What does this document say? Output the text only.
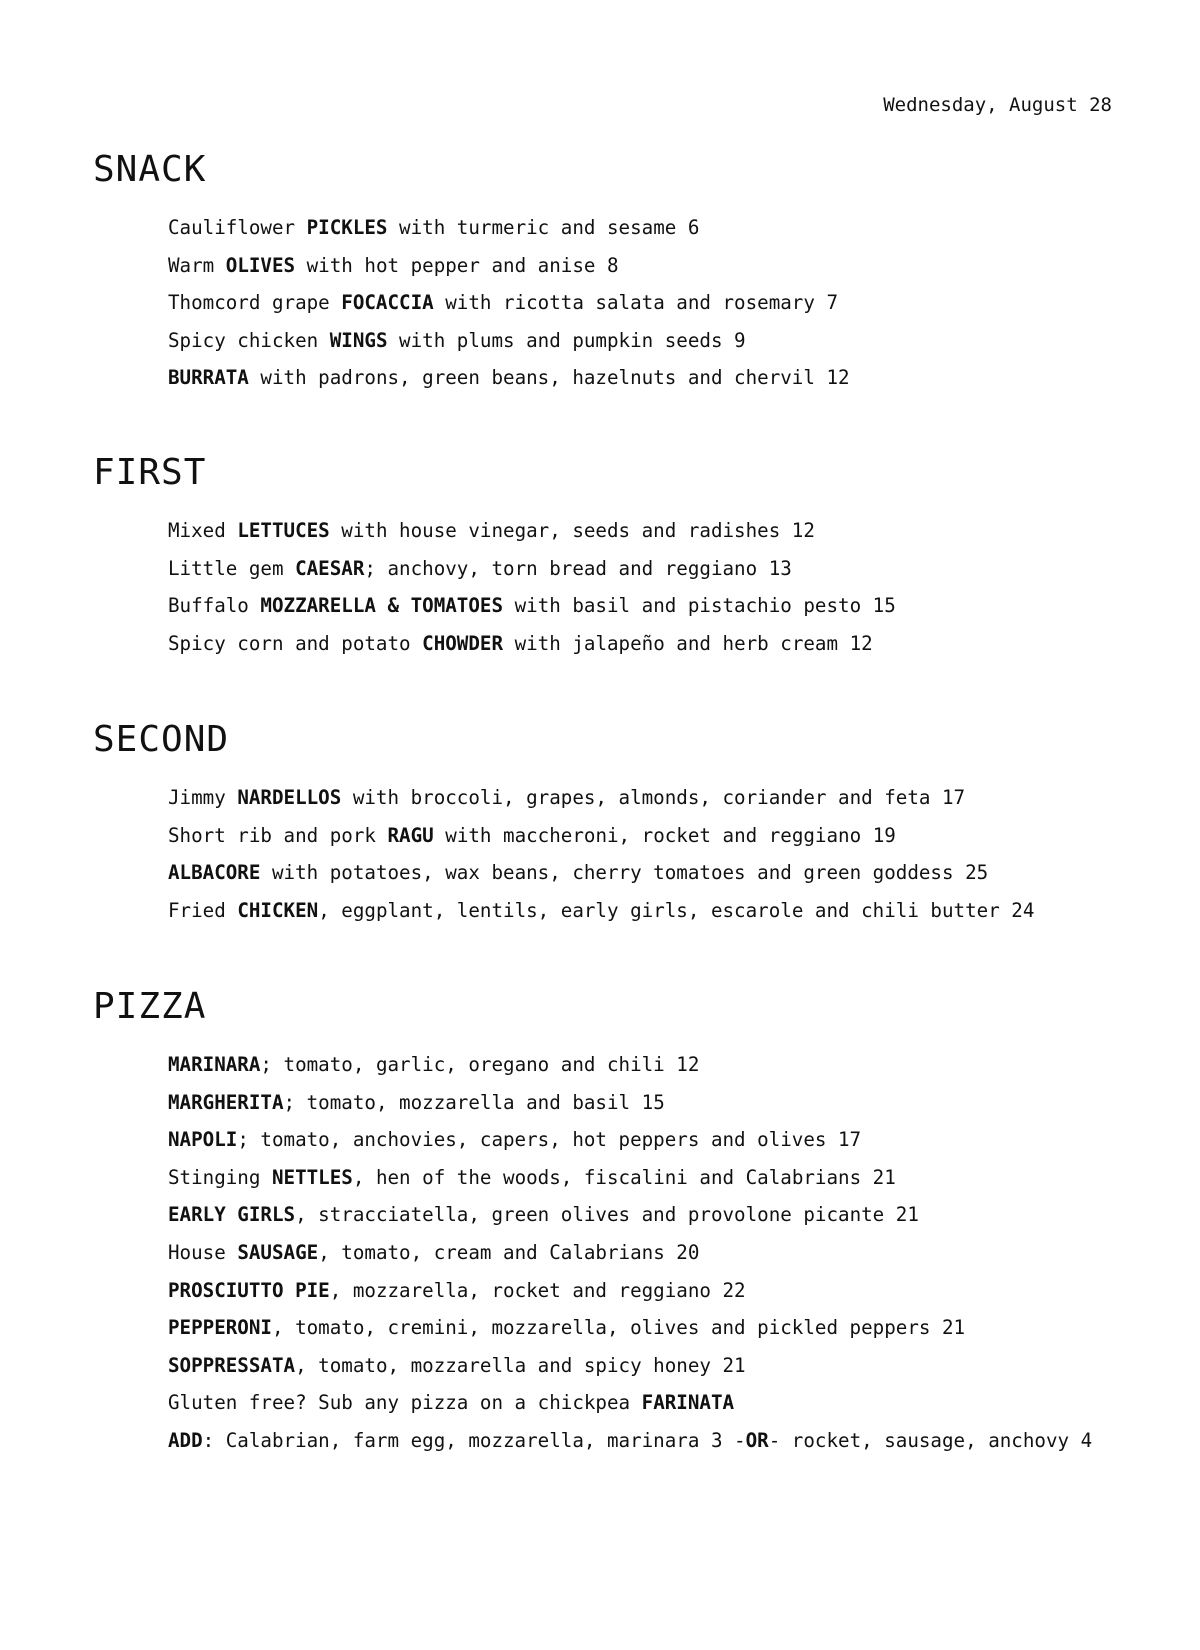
Wednesday, August 28
SNACK
Cauliflower PICKLES with turmeric and sesame 6
Warm OLIVES with hot pepper and anise 8
Thomcord grape FOCACCIA with ricotta salata and rosemary 7
Spicy chicken WINGS with plums and pumpkin seeds 9
BURRATA with padrons, green beans, hazelnuts and chervil 12
FIRST
Mixed LETTUCES with house vinegar, seeds and radishes 12
Little gem CAESAR; anchovy, torn bread and reggiano 13
Buffalo MOZZARELLA & TOMATOES with basil and pistachio pesto 15
Spicy corn and potato CHOWDER with jalapeño and herb cream 12
SECOND
Jimmy NARDELLOS with broccoli, grapes, almonds, coriander and feta 17
Short rib and pork RAGU with maccheroni, rocket and reggiano 19
ALBACORE with potatoes, wax beans, cherry tomatoes and green goddess 25
Fried CHICKEN, eggplant, lentils, early girls, escarole and chili butter 24
PIZZA
MARINARA; tomato, garlic, oregano and chili 12
MARGHERITA; tomato, mozzarella and basil 15
NAPOLI; tomato, anchovies, capers, hot peppers and olives 17
Stinging NETTLES, hen of the woods, fiscalini and Calabrians 21
EARLY GIRLS, stracciatella, green olives and provolone picante 21
House SAUSAGE, tomato, cream and Calabrians 20
PROSCIUTTO PIE, mozzarella, rocket and reggiano 22
PEPPERONI, tomato, cremini, mozzarella, olives and pickled peppers 21
SOPPRESSATA, tomato, mozzarella and spicy honey 21
Gluten free? Sub any pizza on a chickpea FARINATA
ADD: Calabrian, farm egg, mozzarella, marinara 3 -OR- rocket, sausage, anchovy 4
